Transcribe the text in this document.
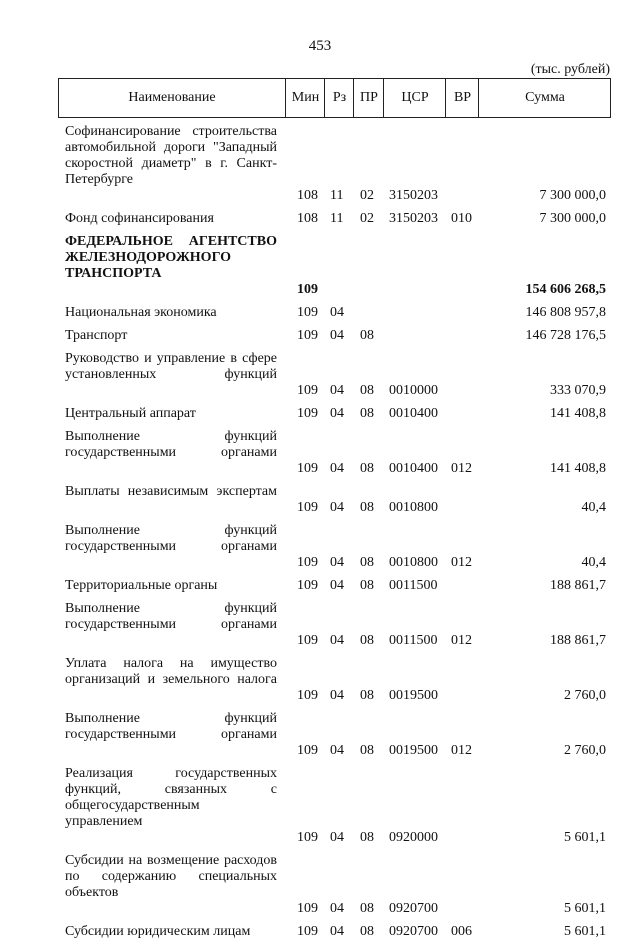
453
(тыс. рублей)
Наименование	Мин Рз ПР	ЦСР	ВР	Сумма
Софинансирование строительства автомобильной дороги "Западный скоростной диаметр" в г. Санкт-Петербурге
108 11 02 3150203	7 300 000,0
Фонд софинансирования	108 11 02 3150203 010	7 300 000,0
ФЕДЕРАЛЬНОЕ АГЕНТСТВО ЖЕЛЕЗНОДОРОЖНОГО ТРАНСПОРТА
109	154 606 268,5
Национальная экономика	109 04	146 808 957,8
Транспорт	109 04 08	146 728 176,5
Руководство и управление в сфере установленных функций
109 04 08 0010000	333 070,9
Центральный аппарат	109 04 08 0010400	141 408,8
Выполнение функций государственными органами
109 04 08 0010400 012	141 408,8
Выплаты независимым экспертам
109 04 08 0010800	40,4
Выполнение функций государственными органами
109 04 08 0010800 012	40,4
Территориальные органы	109 04 08 0011500	188 861,7
Выполнение функций государственными органами
109 04 08 0011500 012	188 861,7
Уплата налога на имущество организаций и земельного налога
109 04 08 0019500	2 760,0
Выполнение функций государственными органами
109 04 08 0019500 012	2 760,0
Реализация государственных функций, связанных с общегосударственным управлением
109 04 08 0920000	5 601,1
Субсидии на возмещение расходов по содержанию специальных объектов
109 04 08 0920700	5 601,1
Субсидии юридическим лицам	109 04 08 0920700 006	5 601,1
